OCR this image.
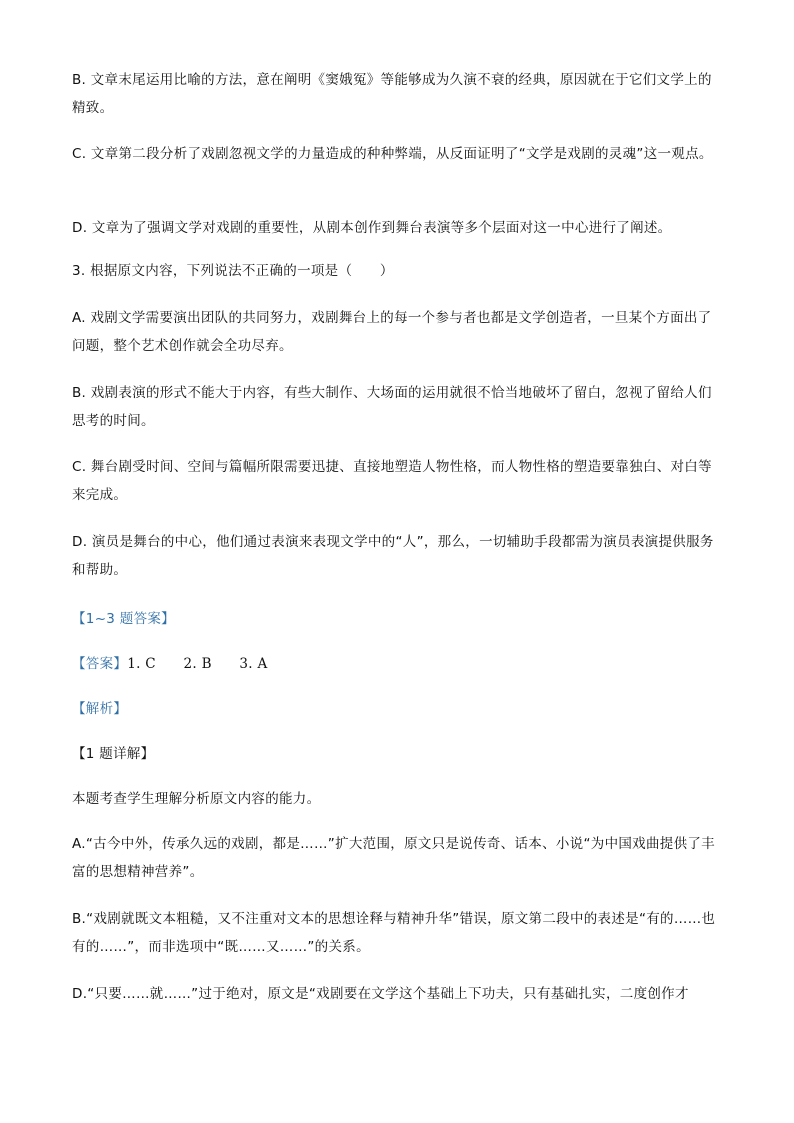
B. 文章末尾运用比喻的方法，意在阐明《窦娥冤》等能够成为久演不衰的经典，原因就在于它们文学上的精致。

C. 文章第二段分析了戏剧忽视文学的力量造成的种种弊端，从反面证明了“文学是戏剧的灵魂”这一观点。

D. 文章为了强调文学对戏剧的重要性，从剧本创作到舞台表演等多个层面对这一中心进行了阐述。

3. 根据原文内容，下列说法不正确的一项是（　　）

A. 戏剧文学需要演出团队的共同努力，戏剧舞台上的每一个参与者也都是文学创造者，一旦某个方面出了问题，整个艺术创作就会全功尽弃。

B. 戏剧表演的形式不能大于内容，有些大制作、大场面的运用就很不恰当地破坏了留白，忽视了留给人们思考的时间。

C. 舞台剧受时间、空间与篇幅所限需要迅捷、直接地塑造人物性格，而人物性格的塑造要靠独白、对白等来完成。

D. 演员是舞台的中心，他们通过表演来表现文学中的“人”，那么，一切辅助手段都需为演员表演提供服务和帮助。

【1~3 题答案】

【答案】1. C　　2. B　　3. A

【解析】

【1 题详解】

本题考查学生理解分析原文内容的能力。

A.“古今中外，传承久远的戏剧，都是……”扩大范围，原文只是说传奇、话本、小说“为中国戏曲提供了丰富的思想精神营养”。

B.“戏剧就既文本粗糙，又不注重对文本的思想诠释与精神升华”错误，原文第二段中的表述是“有的……也有的……”，而非选项中“既……又……”的关系。

D.“只要……就……”过于绝对，原文是“戏剧要在文学这个基础上下功夫，只有基础扎实，二度创作才
